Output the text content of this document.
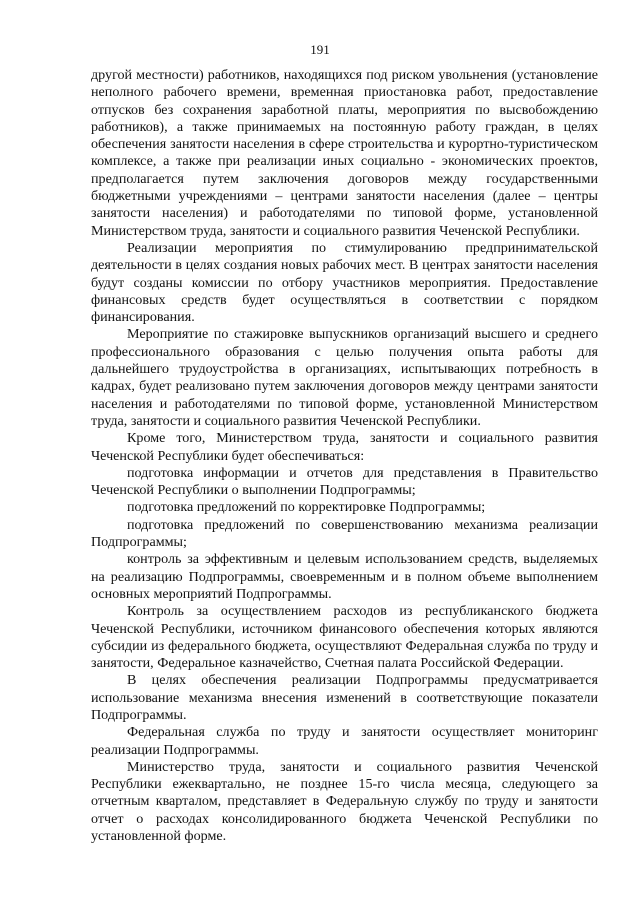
191

другой местности) работников, находящихся под риском увольнения (установление неполного рабочего времени, временная приостановка работ, предоставление отпусков без сохранения заработной платы, мероприятия по высвобождению работников), а также принимаемых на постоянную работу граждан, в целях обеспечения занятости населения в сфере строительства и курортно-туристическом комплексе, а также при реализации иных социально - экономических проектов, предполагается путем заключения договоров между государственными бюджетными учреждениями – центрами занятости населения (далее – центры занятости населения) и работодателями по типовой форме, установленной Министерством труда, занятости и социального развития Чеченской Республики.

Реализации мероприятия по стимулированию предпринимательской деятельности в целях создания новых рабочих мест. В центрах занятости населения будут созданы комиссии по отбору участников мероприятия. Предоставление финансовых средств будет осуществляться в соответствии с порядком финансирования.

Мероприятие по стажировке выпускников организаций высшего и среднего профессионального образования с целью получения опыта работы для дальнейшего трудоустройства в организациях, испытывающих потребность в кадрах, будет реализовано путем заключения договоров между центрами занятости населения и работодателями по типовой форме, установленной Министерством труда, занятости и социального развития Чеченской Республики.

Кроме того, Министерством труда, занятости и социального развития Чеченской Республики будет обеспечиваться:

подготовка информации и отчетов для представления в Правительство Чеченской Республики о выполнении Подпрограммы;

подготовка предложений по корректировке Подпрограммы;

подготовка предложений по совершенствованию механизма реализации Подпрограммы;

контроль за эффективным и целевым использованием средств, выделяемых на реализацию Подпрограммы, своевременным и в полном объеме выполнением основных мероприятий Подпрограммы.

Контроль за осуществлением расходов из республиканского бюджета Чеченской Республики, источником финансового обеспечения которых являются субсидии из федерального бюджета, осуществляют Федеральная служба по труду и занятости, Федеральное казначейство, Счетная палата Российской Федерации.

В целях обеспечения реализации Подпрограммы предусматривается использование механизма внесения изменений в соответствующие показатели Подпрограммы.

Федеральная служба по труду и занятости осуществляет мониторинг реализации Подпрограммы.

Министерство труда, занятости и социального развития Чеченской Республики ежеквартально, не позднее 15-го числа месяца, следующего за отчетным кварталом, представляет в Федеральную службу по труду и занятости отчет о расходах консолидированного бюджета Чеченской Республики по установленной форме.
